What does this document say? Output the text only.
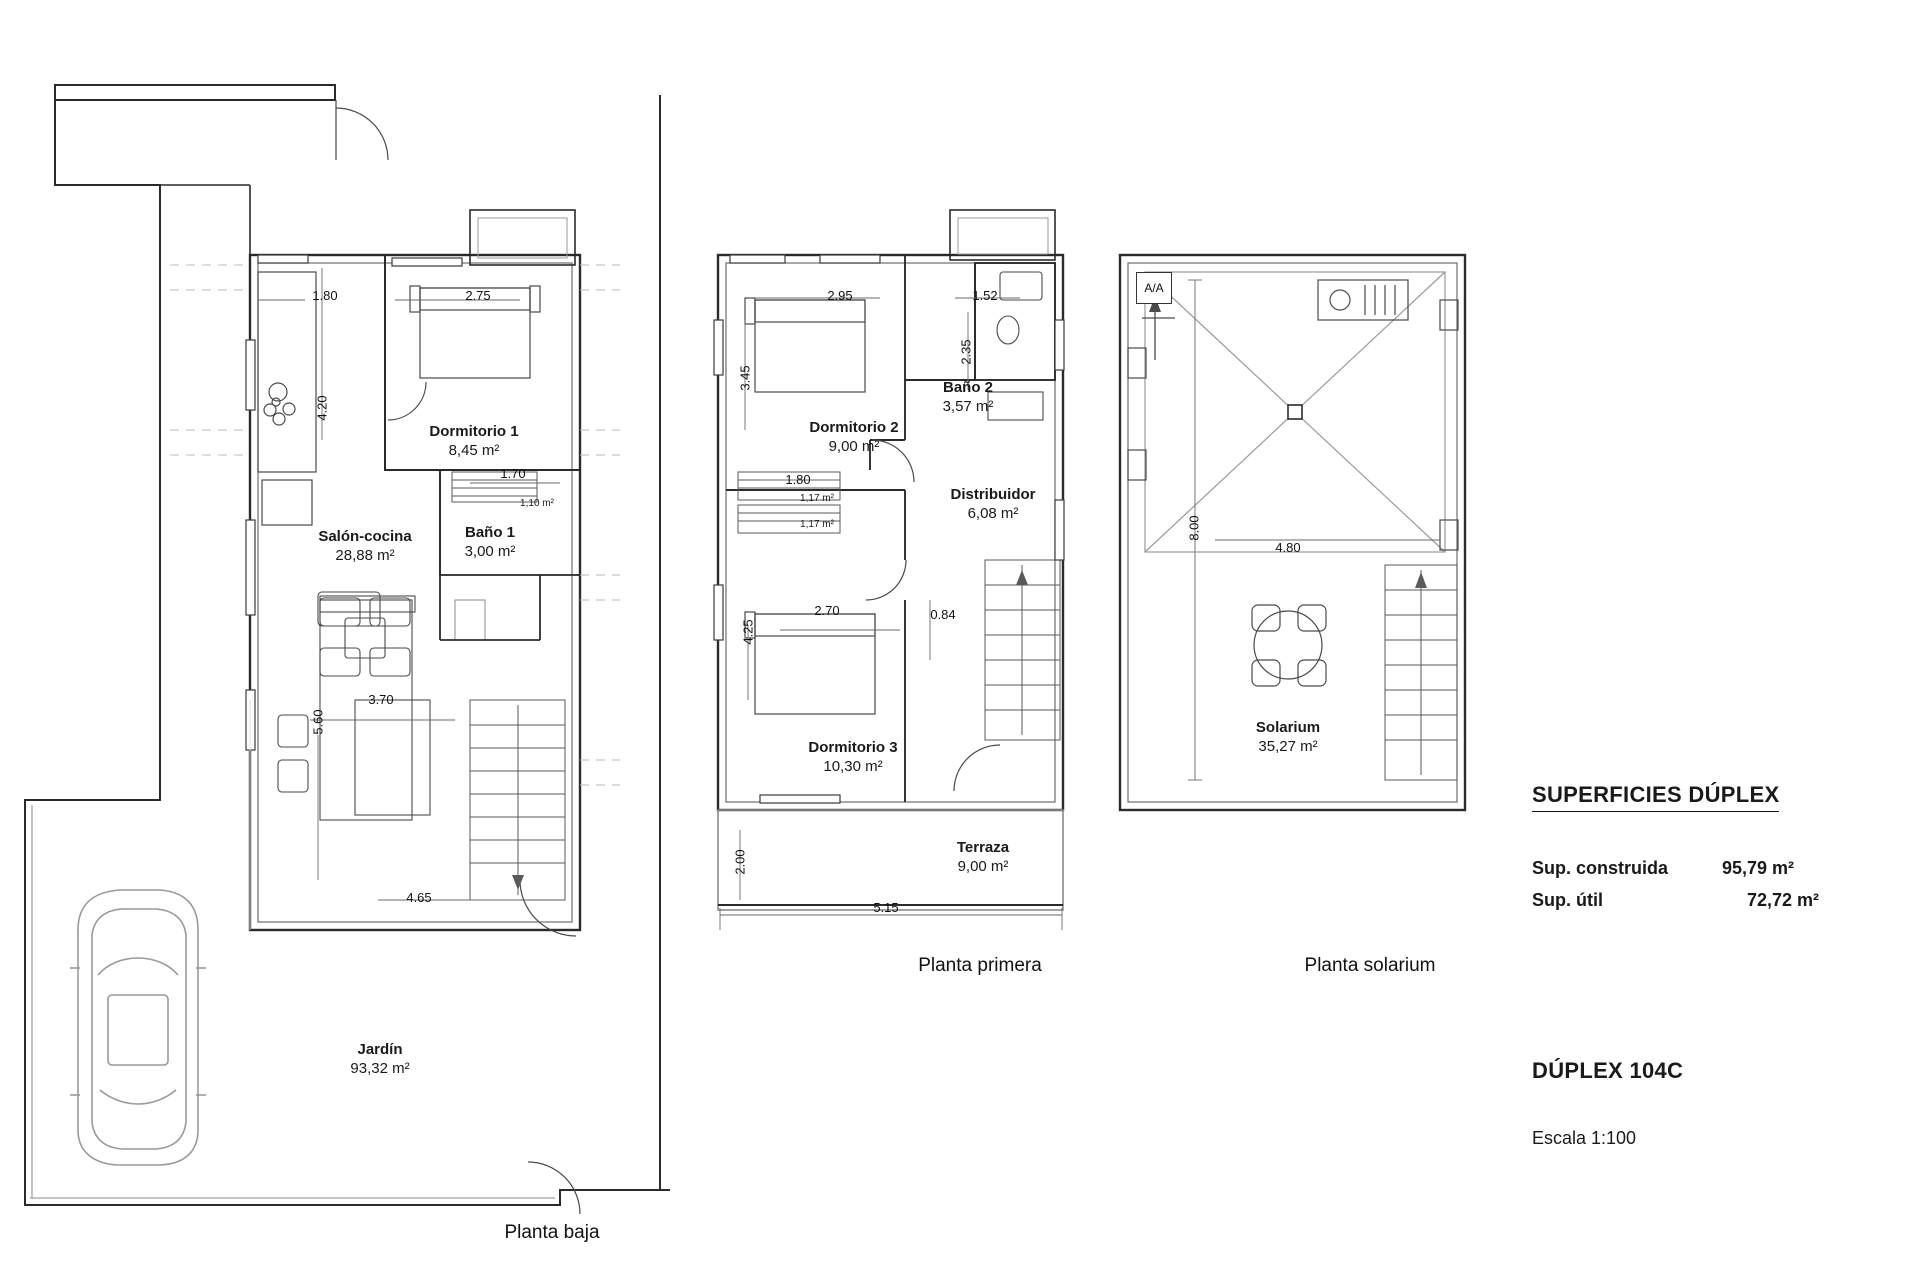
Dormitorio 1
8,45 m²
Baño 1
3,00 m²
Salón-cocina
28,88 m²
1,10 m²
Jardín
93,32 m²
1.80	2.75
4.20
1.70
3.70
5.60
4.65
Planta baja
Dormitorio 2
9,00 m²
Baño 2
3,57 m²
Distribuidor
6,08 m²
Dormitorio 3
10,30 m²
Terraza
9,00 m²
1,17 m²
1,17 m²
2.95	1.52
2.35
3.45
1.80
2.70
4.25
0.84
2.00
5.15
Planta primera
Solarium
35,27 m²
A/A
8.00
4.80
Planta solarium
SUPERFICIES DÚPLEX
Sup. construida	95,79 m²
Sup. útil	72,72 m²
DÚPLEX 104C
Escala 1:100
